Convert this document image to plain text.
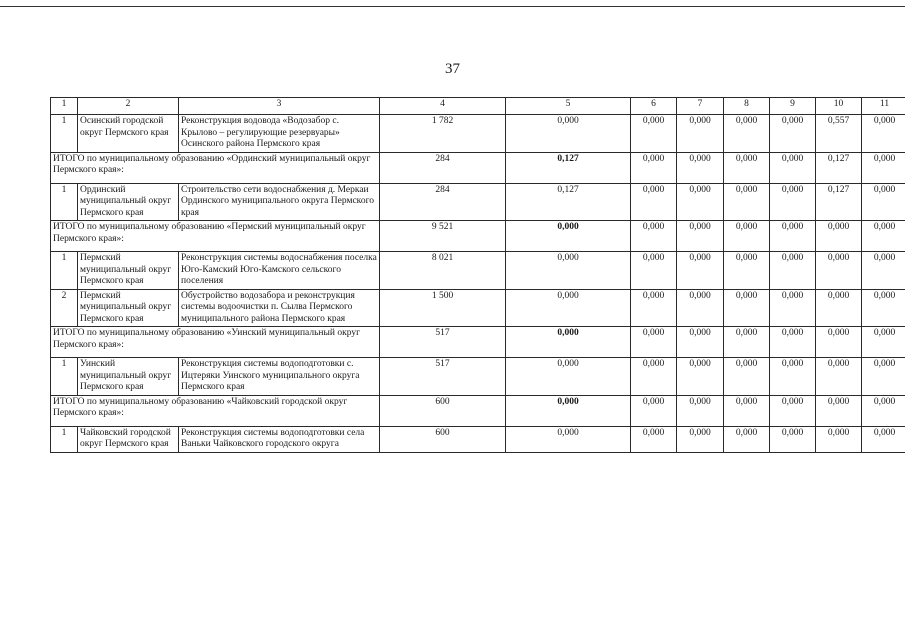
37
1	2	3	4	5	6	7	8	9	10	11
1	Осинский городской округ Пермского края	Реконструкция водовода «Водозабор с. Крылово – регулирующие резервуары» Осинского района Пермского края	1 782	0,000	0,000	0,000	0,000	0,000	0,557	0,000
ИТОГО по муниципальному образованию «Ординский муниципальный округ Пермского края»:			284	0,127	0,000	0,000	0,000	0,000	0,127	0,000
1	Ординский муниципальный округ Пермского края	Строительство сети водоснабжения д. Меркаи Ординского муниципального округа Пермского края	284	0,127	0,000	0,000	0,000	0,000	0,127	0,000
ИТОГО по муниципальному образованию «Пермский муниципальный округ Пермского края»:			9 521	0,000	0,000	0,000	0,000	0,000	0,000	0,000
1	Пермский муниципальный округ Пермского края	Реконструкция системы водоснабжения поселка Юго-Камский Юго-Камского сельского поселения	8 021	0,000	0,000	0,000	0,000	0,000	0,000	0,000
2	Пермский муниципальный округ Пермского края	Обустройство водозабора и реконструкция системы водоочистки п. Сылва Пермского муниципального района Пермского края	1 500	0,000	0,000	0,000	0,000	0,000	0,000	0,000
ИТОГО по муниципальному образованию «Уинский муниципальный округ Пермского края»:			517	0,000	0,000	0,000	0,000	0,000	0,000	0,000
1	Уинский муниципальный округ Пермского края	Реконструкция системы водоподготовки с. Ицтеряки Уинского муниципального округа Пермского края	517	0,000	0,000	0,000	0,000	0,000	0,000	0,000
ИТОГО по муниципальному образованию «Чайковский городской округ Пермского края»:			600	0,000	0,000	0,000	0,000	0,000	0,000	0,000
1	Чайковский городской округ Пермского края	Реконструкция системы водоподготовки села Ваньки Чайковского городского округа	600	0,000	0,000	0,000	0,000	0,000	0,000	0,000
